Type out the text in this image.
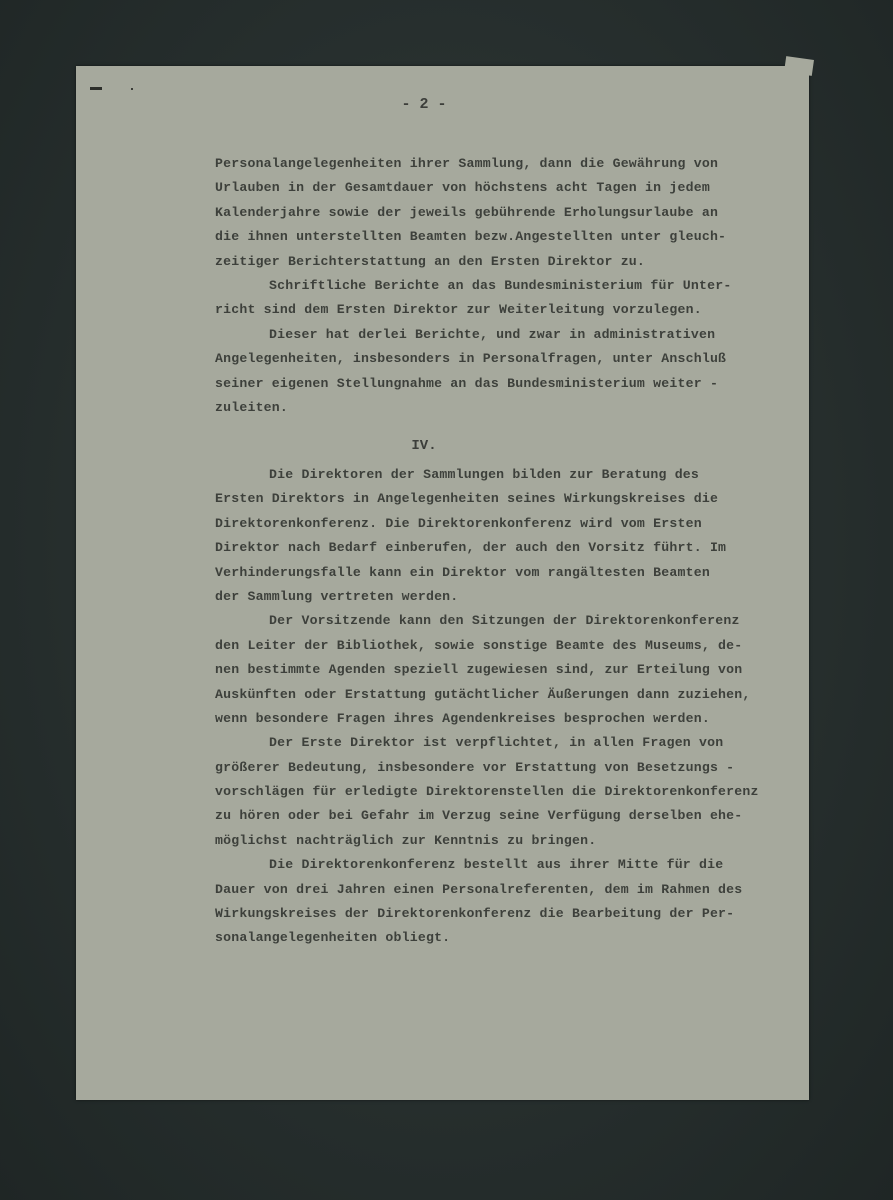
- 2 -
Personalangelegenheiten ihrer Sammlung, dann die Gewährung von
Urlauben in der Gesamtdauer von höchstens acht Tagen in jedem
Kalenderjahre sowie der jeweils gebührende Erholungsurlaube an
die ihnen unterstellten Beamten bezw.Angestellten unter gleuch-
zeitiger Berichterstattung an den Ersten Direktor zu.
Schriftliche Berichte an das Bundesministerium für Unter-
richt sind dem Ersten Direktor zur Weiterleitung vorzulegen.
Dieser hat derlei Berichte, und zwar in administrativen
Angelegenheiten, insbesonders in Personalfragen, unter Anschluß
seiner eigenen Stellungnahme an das Bundesministerium weiter -
zuleiten.
IV.
Die Direktoren der Sammlungen bilden zur Beratung des
Ersten Direktors in Angelegenheiten seines Wirkungskreises die
Direktorenkonferenz. Die Direktorenkonferenz wird vom Ersten
Direktor nach Bedarf einberufen, der auch den Vorsitz führt. Im
Verhinderungsfalle kann ein Direktor vom rangältesten Beamten
der Sammlung vertreten werden.
Der Vorsitzende kann den Sitzungen der Direktorenkonferenz
den Leiter der Bibliothek, sowie sonstige Beamte des Museums, de-
nen bestimmte Agenden speziell zugewiesen sind, zur Erteilung von
Auskünften oder Erstattung gutächtlicher Äußerungen dann zuziehen,
wenn besondere Fragen ihres Agendenkreises besprochen werden.
Der Erste Direktor ist verpflichtet, in allen Fragen von
größerer Bedeutung, insbesondere vor Erstattung von Besetzungs -
vorschlägen für erledigte Direktorenstellen die Direktorenkonferenz
zu hören oder bei Gefahr im Verzug seine Verfügung derselben ehe-
möglichst nachträglich zur Kenntnis zu bringen.
Die Direktorenkonferenz bestellt aus ihrer Mitte für die
Dauer von drei Jahren einen Personalreferenten, dem im Rahmen des
Wirkungskreises der Direktorenkonferenz die Bearbeitung der Per-
sonalangelegenheiten obliegt.
